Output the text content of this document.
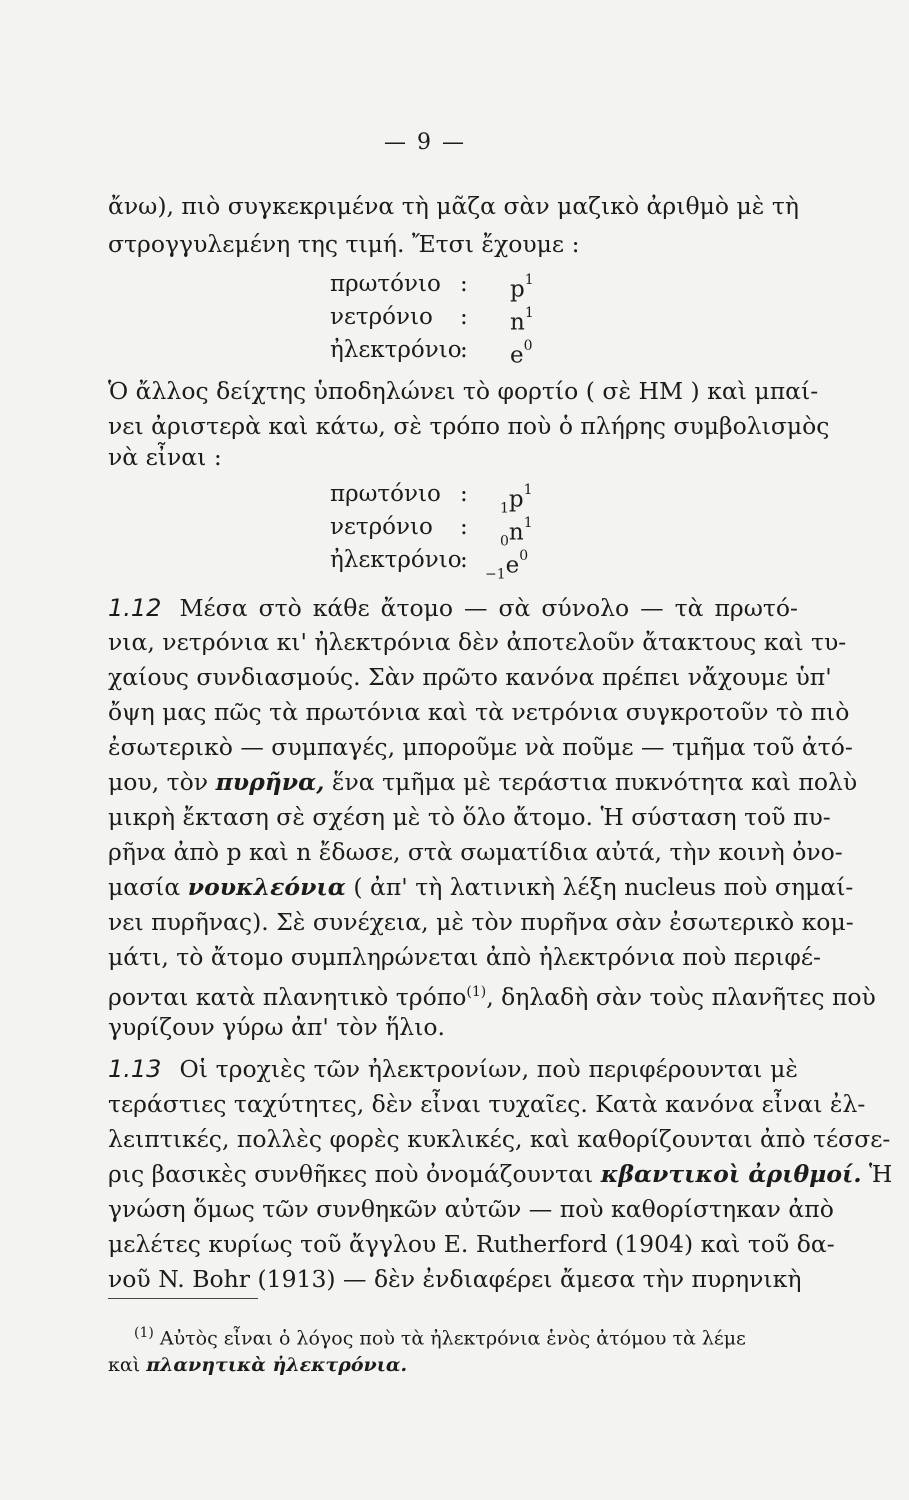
— 9 —
ἄνω), πιὸ συγκεκριμένα τὴ μᾶζα σὰν μαζικὸ ἀριθμὸ μὲ τὴ
στρογγυλεμένη της τιμή. Ἔτσι ἔχουμε :
πρωτόνιο : $p^1$
νετρόνιο : $n^1$
ἠλεκτρόνιο
: $e^0$
Ὁ ἄλλος δείχτης ὑποδηλώνει τὸ φορτίο ( σὲ HM ) καὶ μπαί-
νει ἀριστερὰ καὶ κάτω, σὲ τρόπο ποὺ ὁ πλήρης συμβολισμὸς
νὰ εἶναι :
πρωτόνιο :
$_1p^1$
νετρόνιο :
$_0n^1$
ἠλεκτρόνιο
:
$_{-1}e^0$
1.12 Μέσα στὸ κάθε ἄτομο — σὰ σύνολο — τὰ πρωτό-
νια, νετρόνια κι' ἠλεκτρόνια δὲν ἀποτελοῦν ἄτακτους καὶ τυ-
χαίους συνδιασμούς. Σὰν πρῶτο κανόνα πρέπει νἄχουμε ὑπ'
ὄψη μας πῶς τὰ πρωτόνια καὶ τὰ νετρόνια συγκροτοῦν τὸ πιὸ
ἐσωτερικὸ — συμπαγές, μποροῦμε νὰ ποῦμε — τμῆμα τοῦ ἀτό-
μου, τὸν πυρῆνα, ἕνα τμῆμα μὲ τεράστια πυκνότητα καὶ πολὺ
μικρὴ ἔκταση σὲ σχέση μὲ τὸ ὅλο ἄτομο. Ἡ σύσταση τοῦ πυ-
ρῆνα ἀπὸ p καὶ n ἔδωσε, στὰ σωματίδια αὐτά, τὴν κοινὴ ὀνο-
μασία νουκλεόνια ( ἀπ' τὴ λατινικὴ λέξη nucleus ποὺ σημαί-
νει πυρῆνας). Σὲ συνέχεια, μὲ τὸν πυρῆνα σὰν ἐσωτερικὸ κομ-
μάτι, τὸ ἄτομο συμπληρώνεται ἀπὸ ἠλεκτρόνια ποὺ περιφέ-
ρονται κατὰ πλανητικὸ τρόπο$^{(1)}$, δηλαδὴ σὰν τοὺς πλανῆτες ποὺ
γυρίζουν γύρω ἀπ' τὸν ἥλιο.
1.13 Οἱ τροχιὲς τῶν ἠλεκτρονίων, ποὺ περιφέρουνται μὲ
τεράστιες ταχύτητες, δὲν εἶναι τυχαῖες. Κατὰ κανόνα εἶναι ἐλ-
λειπτικές, πολλὲς φορὲς κυκλικές, καὶ καθορίζουνται ἀπὸ τέσσε-
ρις βασικὲς συνθῆκες ποὺ ὀνομάζουνται κβαντικοὶ ἀριθμοί. Ἡ
γνώση ὅμως τῶν συνθηκῶν αὐτῶν — ποὺ καθορίστηκαν ἀπὸ
μελέτες κυρίως τοῦ ἄγγλου E. Rutherford (1904) καὶ τοῦ δα-
νοῦ N. Bohr (1913) — δὲν ἐνδιαφέρει ἄμεσα τὴν πυρηνικὴ
$^{(1)}$ Αὐτὸς εἶναι ὁ λόγος ποὺ τὰ ἠλεκτρόνια ἑνὸς ἀτόμου τὰ λέμε
καὶ πλανητικὰ ἠλεκτρόνια.
